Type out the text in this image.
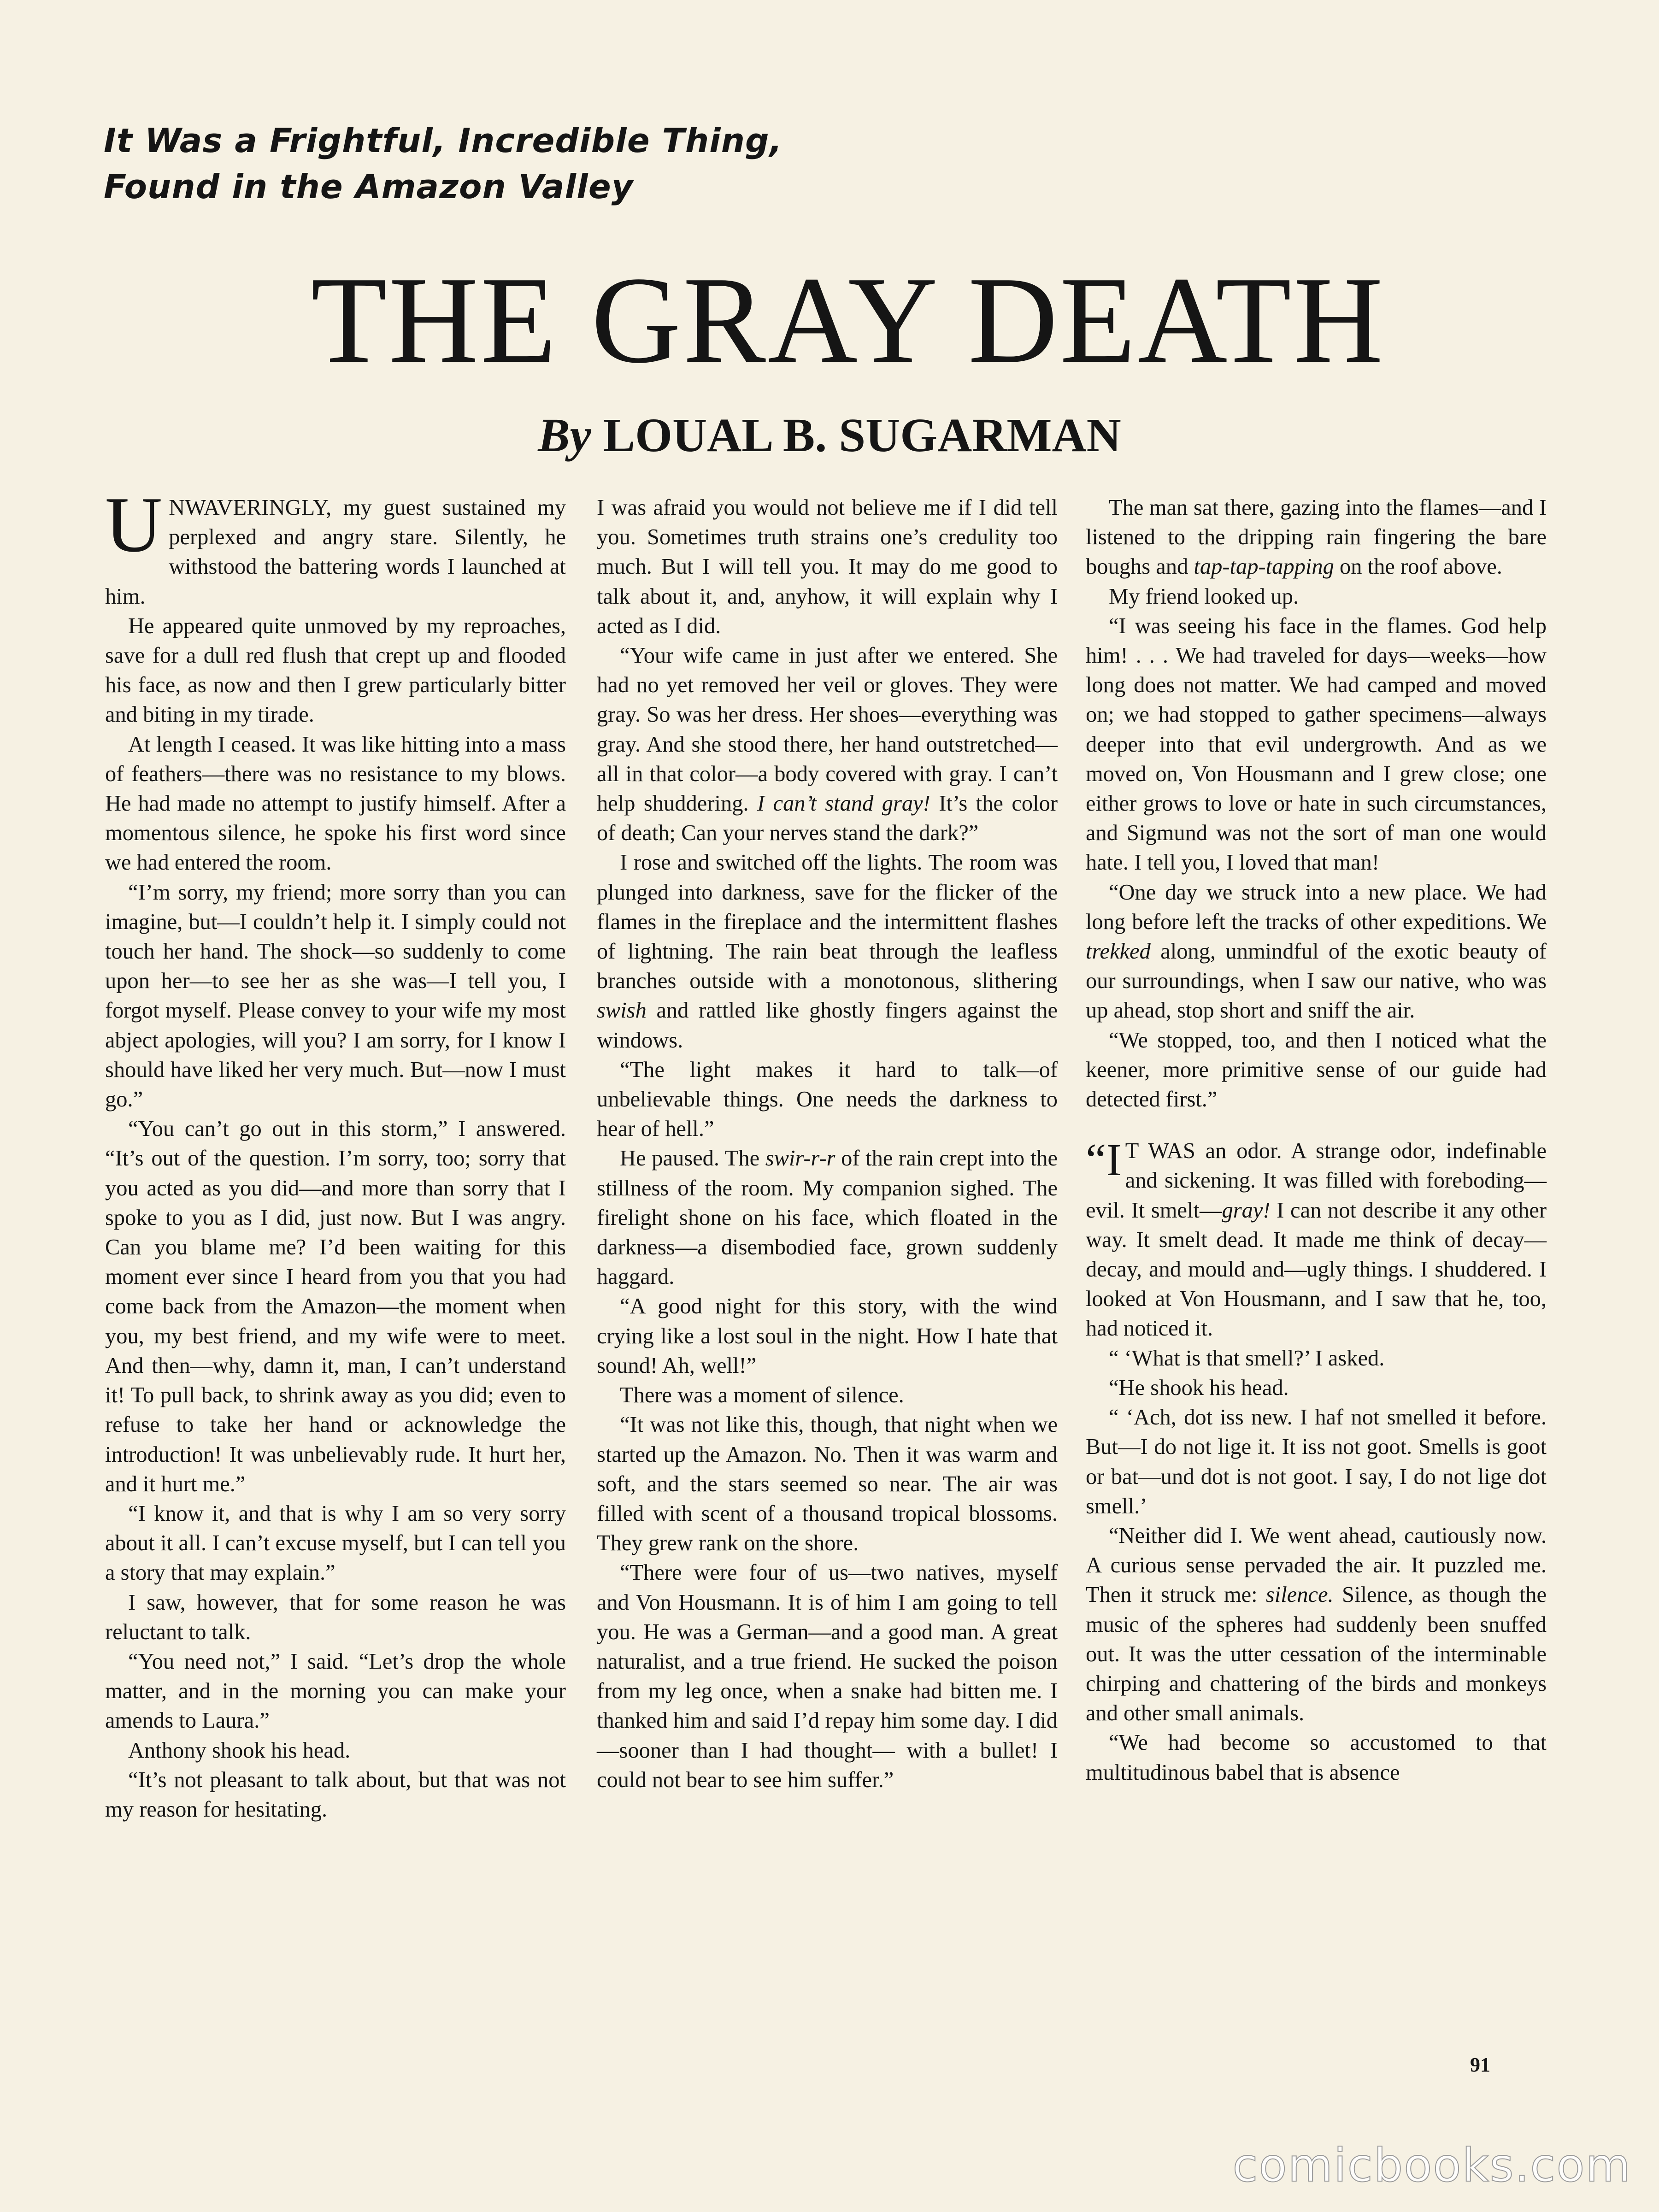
It Was a Frightful, Incredible Thing,
Found in the Amazon Valley
THE GRAY DEATH
By LOUAL B. SUGARMAN

UNWAVERINGLY, my guest sustained my perplexed and angry stare. Silently, he withstood the battering words I launched at him.

He appeared quite unmoved by my reproaches, save for a dull red flush that crept up and flooded his face, as now and then I grew particularly bitter and biting in my tirade.

At length I ceased. It was like hitting into a mass of feathers—there was no resistance to my blows. He had made no attempt to justify himself. After a momentous silence, he spoke his first word since we had entered the room.

“I’m sorry, my friend; more sorry than you can imagine, but—I couldn’t help it. I simply could not touch her hand. The shock—so suddenly to come upon her—to see her as she was—I tell you, I forgot myself. Please convey to your wife my most abject apologies, will you? I am sorry, for I know I should have liked her very much. But—now I must go.”

“You can’t go out in this storm,” I answered. “It’s out of the question. I’m sorry, too; sorry that you acted as you did—and more than sorry that I spoke to you as I did, just now. But I was angry. Can you blame me? I’d been waiting for this moment ever since I heard from you that you had come back from the Amazon—the moment when you, my best friend, and my wife were to meet. And then—why, damn it, man, I can’t understand it! To pull back, to shrink away as you did; even to refuse to take her hand or acknowledge the introduction! It was unbelievably rude. It hurt her, and it hurt me.”

“I know it, and that is why I am so very sorry about it all. I can’t excuse myself, but I can tell you a story that may explain.”

I saw, however, that for some reason he was reluctant to talk.

“You need not,” I said. “Let’s drop the whole matter, and in the morning you can make your amends to Laura.”

Anthony shook his head.

“It’s not pleasant to talk about, but that was not my reason for hesitating.

I was afraid you would not believe me if I did tell you. Sometimes truth strains one’s credulity too much. But I will tell you. It may do me good to talk about it, and, anyhow, it will explain why I acted as I did.

“Your wife came in just after we entered. She had no yet removed her veil or gloves. They were gray. So was her dress. Her shoes—everything was gray. And she stood there, her hand outstretched—all in that color—a body covered with gray. I can’t help shuddering. I can’t stand gray! It’s the color of death; Can your nerves stand the dark?”

I rose and switched off the lights. The room was plunged into darkness, save for the flicker of the flames in the fireplace and the intermittent flashes of lightning. The rain beat through the leafless branches outside with a monotonous, slithering swish and rattled like ghostly fingers against the windows.

“The light makes it hard to talk—of unbelievable things. One needs the darkness to hear of hell.”

He paused. The swir-r-r of the rain crept into the stillness of the room. My companion sighed. The firelight shone on his face, which floated in the darkness—a disembodied face, grown suddenly haggard.

“A good night for this story, with the wind crying like a lost soul in the night. How I hate that sound! Ah, well!”

There was a moment of silence.

“It was not like this, though, that night when we started up the Amazon. No. Then it was warm and soft, and the stars seemed so near. The air was filled with scent of a thousand tropical blossoms. They grew rank on the shore.

“There were four of us—two natives, myself and Von Housmann. It is of him I am going to tell you. He was a German—and a good man. A great naturalist, and a true friend. He sucked the poison from my leg once, when a snake had bitten me. I thanked him and said I’d repay him some day. I did—sooner than I had thought— with a bullet! I could not bear to see him suffer.”

The man sat there, gazing into the flames—and I listened to the dripping rain fingering the bare boughs and tap-tap-tapping on the roof above.

My friend looked up.

“I was seeing his face in the flames. God help him! . . . We had traveled for days—weeks—how long does not matter. We had camped and moved on; we had stopped to gather specimens—always deeper into that evil undergrowth. And as we moved on, Von Housmann and I grew close; one either grows to love or hate in such circumstances, and Sigmund was not the sort of man one would hate. I tell you, I loved that man!

“One day we struck into a new place. We had long before left the tracks of other expeditions. We trekked along, unmindful of the exotic beauty of our surroundings, when I saw our native, who was up ahead, stop short and sniff the air.

“We stopped, too, and then I noticed what the keener, more primitive sense of our guide had detected first.”

“I T WAS an odor. A strange odor, indefinable and sickening. It was filled with foreboding—evil. It smelt—gray! I can not describe it any other way. It smelt dead. It made me think of decay—decay, and mould and—ugly things. I shuddered. I looked at Von Housmann, and I saw that he, too, had noticed it.

“ ‘What is that smell?’ I asked.

“He shook his head.

“ ‘Ach, dot iss new. I haf not smelled it before. But—I do not lige it. It iss not goot. Smells is goot or bat—und dot is not goot. I say, I do not lige dot smell.’

“Neither did I. We went ahead, cautiously now. A curious sense pervaded the air. It puzzled me. Then it struck me: silence. Silence, as though the music of the spheres had suddenly been snuffed out. It was the utter cessation of the interminable chirping and chattering of the birds and monkeys and other small animals.

“We had become so accustomed to that multitudinous babel that is absence

91
comicbooks.com
